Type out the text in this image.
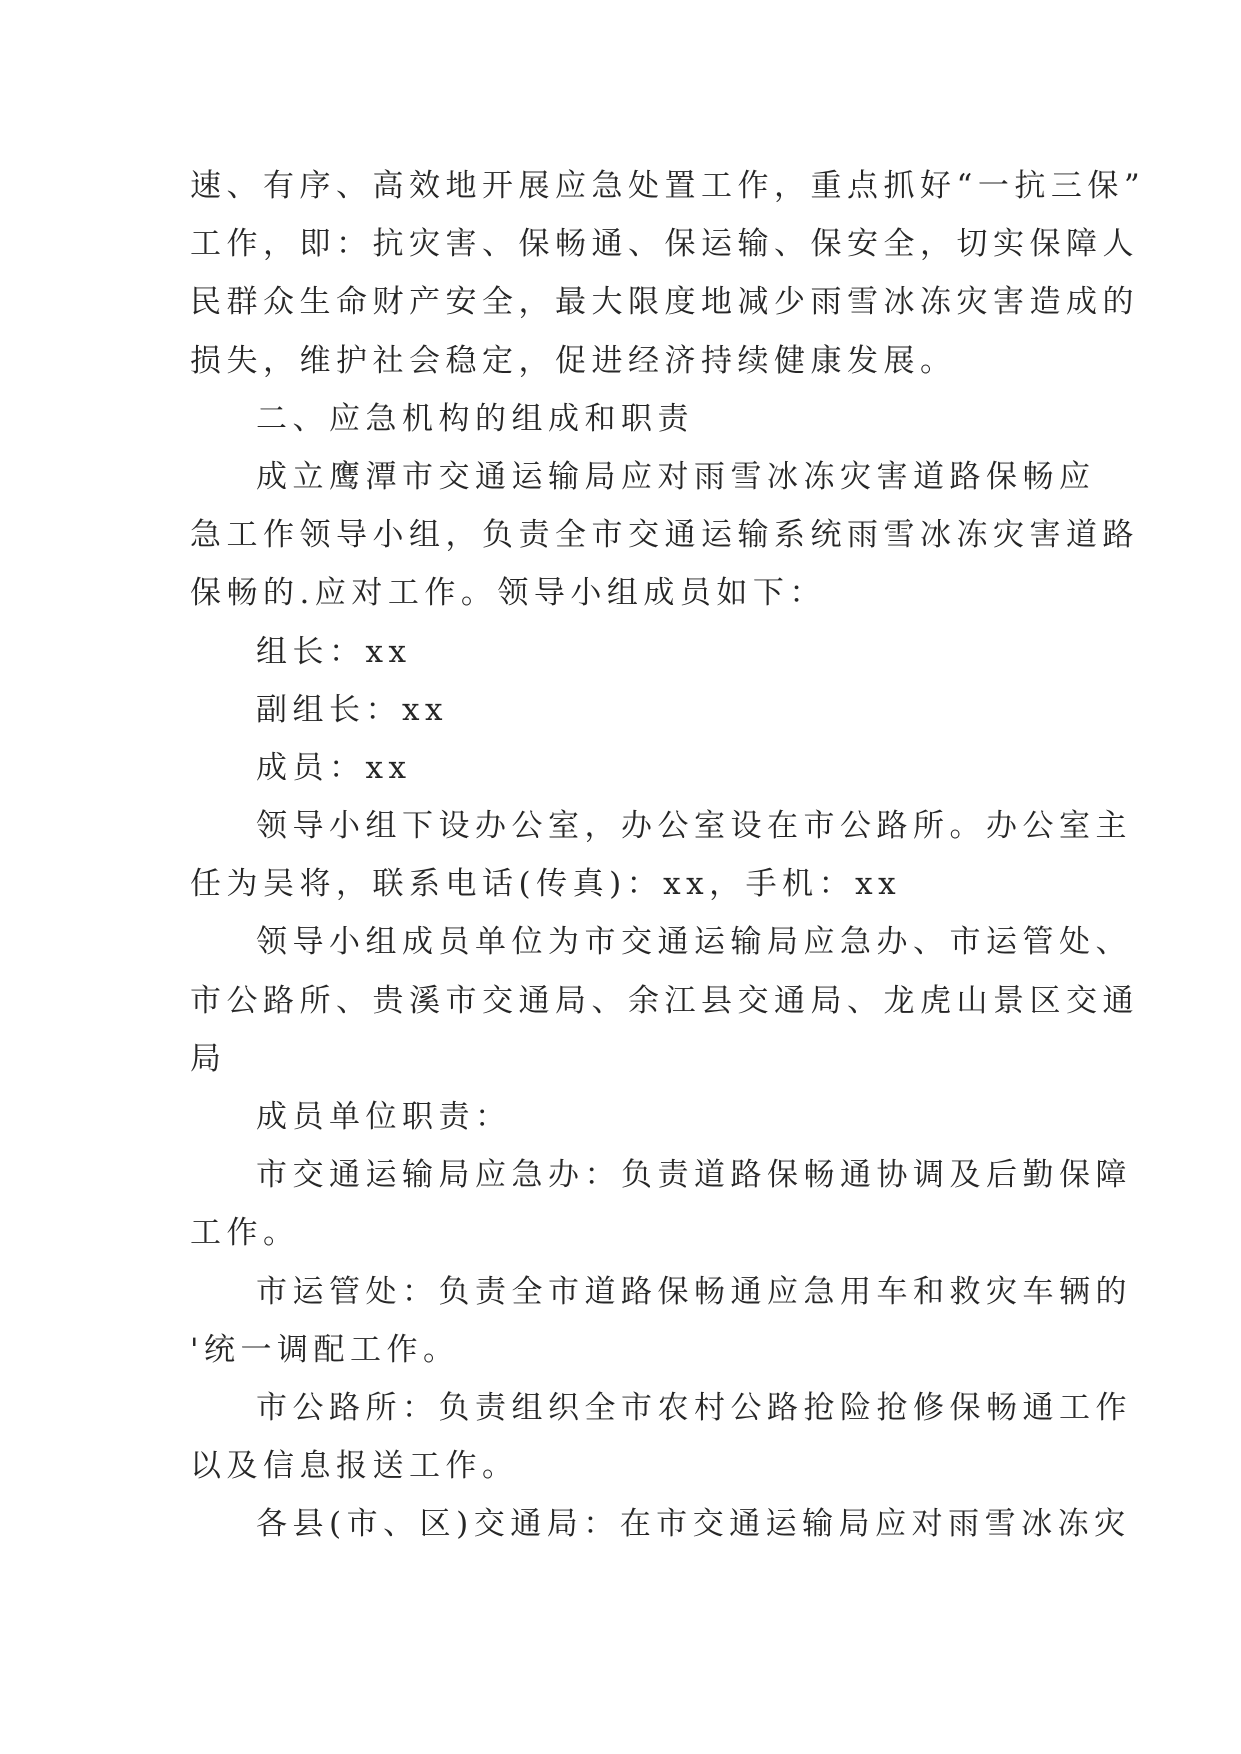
速、有序、高效地开展应急处置工作，重点抓好“一抗三保”
工作，即：抗灾害、保畅通、保运输、保安全，切实保障人
民群众生命财产安全，最大限度地减少雨雪冰冻灾害造成的
损失，维护社会稳定，促进经济持续健康发展。
二、应急机构的组成和职责
成立鹰潭市交通运输局应对雨雪冰冻灾害道路保畅应
急工作领导小组，负责全市交通运输系统雨雪冰冻灾害道路
保畅的.应对工作。领导小组成员如下：
组长：xx
副组长：xx
成员：xx
领导小组下设办公室，办公室设在市公路所。办公室主
任为吴将，联系电话(传真)：xx，手机：xx
领导小组成员单位为市交通运输局应急办、市运管处、
市公路所、贵溪市交通局、余江县交通局、龙虎山景区交通
局
成员单位职责：
市交通运输局应急办：负责道路保畅通协调及后勤保障
工作。
市运管处：负责全市道路保畅通应急用车和救灾车辆的
'统一调配工作。
市公路所：负责组织全市农村公路抢险抢修保畅通工作
以及信息报送工作。
各县(市、区)交通局：在市交通运输局应对雨雪冰冻灾
